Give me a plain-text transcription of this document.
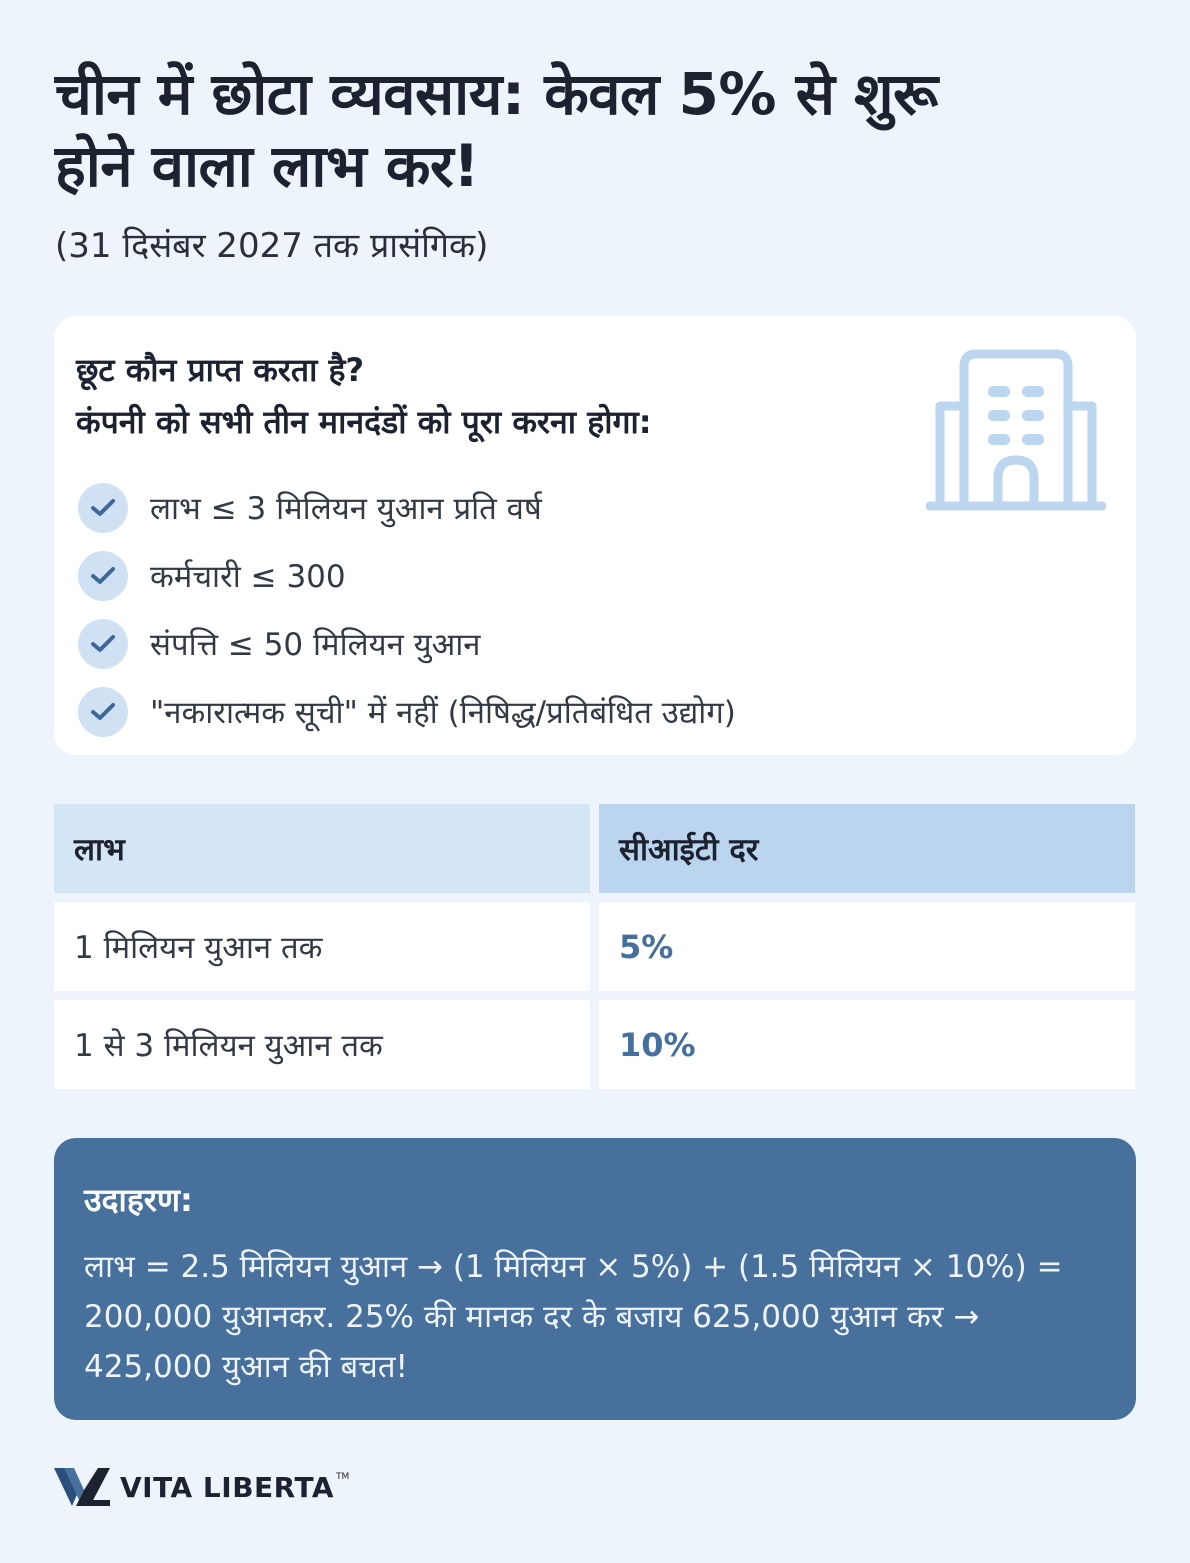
चीन में छोटा व्यवसाय: केवल 5% से शुरू
होने वाला लाभ कर!
(31 दिसंबर 2027 तक प्रासंगिक)
छूट कौन प्राप्त करता है?
कंपनी को सभी तीन मानदंडों को पूरा करना होगा:
लाभ ≤ 3 मिलियन युआन प्रति वर्ष
कर्मचारी ≤ 300
संपत्ति ≤ 50 मिलियन युआन
"नकारात्मक सूची" में नहीं (निषिद्ध/प्रतिबंधित उद्योग)
लाभ	सीआईटी दर
1 मिलियन युआन तक	5%
1 से 3 मिलियन युआन तक	10%
उदाहरण:

लाभ = 2.5 मिलियन युआन → (1 मिलियन × 5%) + (1.5 मिलियन × 10%) = 200,000 युआनकर. 25% की मानक दर के बजाय 625,000 युआन कर → 425,000 युआन की बचत!

VITA LIBERTA TM
